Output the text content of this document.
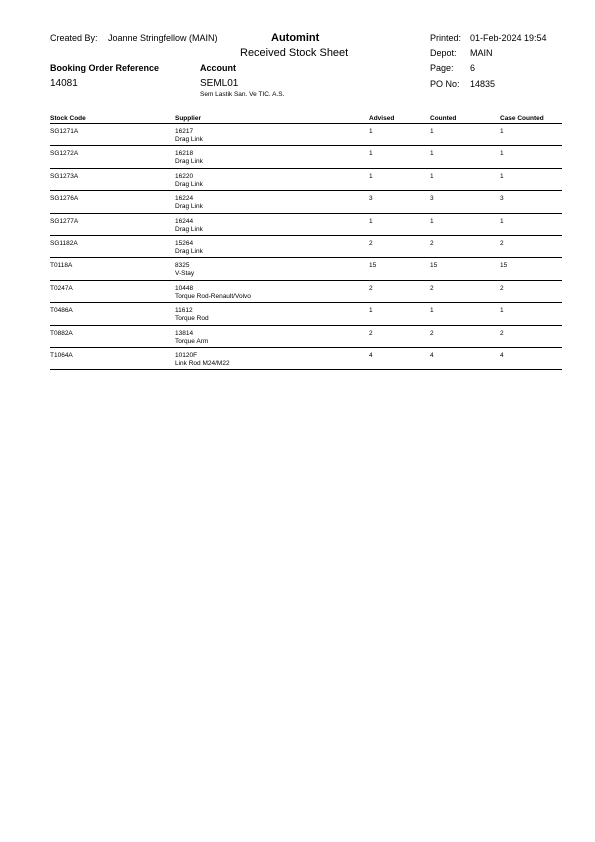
Created By: Joanne Stringfellow (MAIN)	Automint
Received Stock Sheet
Printed: 01-Feb-2024 19:54
Depot: MAIN
Booking Order Reference	Account	Page: 6
14081	SEML01	PO No: 14835
Sem Lastik San. Ve TIC. A.S.
Stock Code	Supplier	Advised	Counted	Case Counted
SG1271A	16217
Drag Link
1	1	1
SG1272A	16218
Drag Link
1	1	1
SG1273A	16220
Drag Link
1	1	1
SG1276A	16224
Drag Link
3	3	3
SG1277A	16244
Drag Link
1	1	1
SG1182A	15264
Drag Link
2	2	2
T0118A	8325
V-Stay
15	15	15
T0247A	10448
Torque Rod-Renault/Volvo
2	2	2
T0486A	11612
Torque Rod
1	1	1
T0882A	13814
Torque Arm
2	2	2
T1064A	10120F
Link Rod M24/M22
4	4	4
